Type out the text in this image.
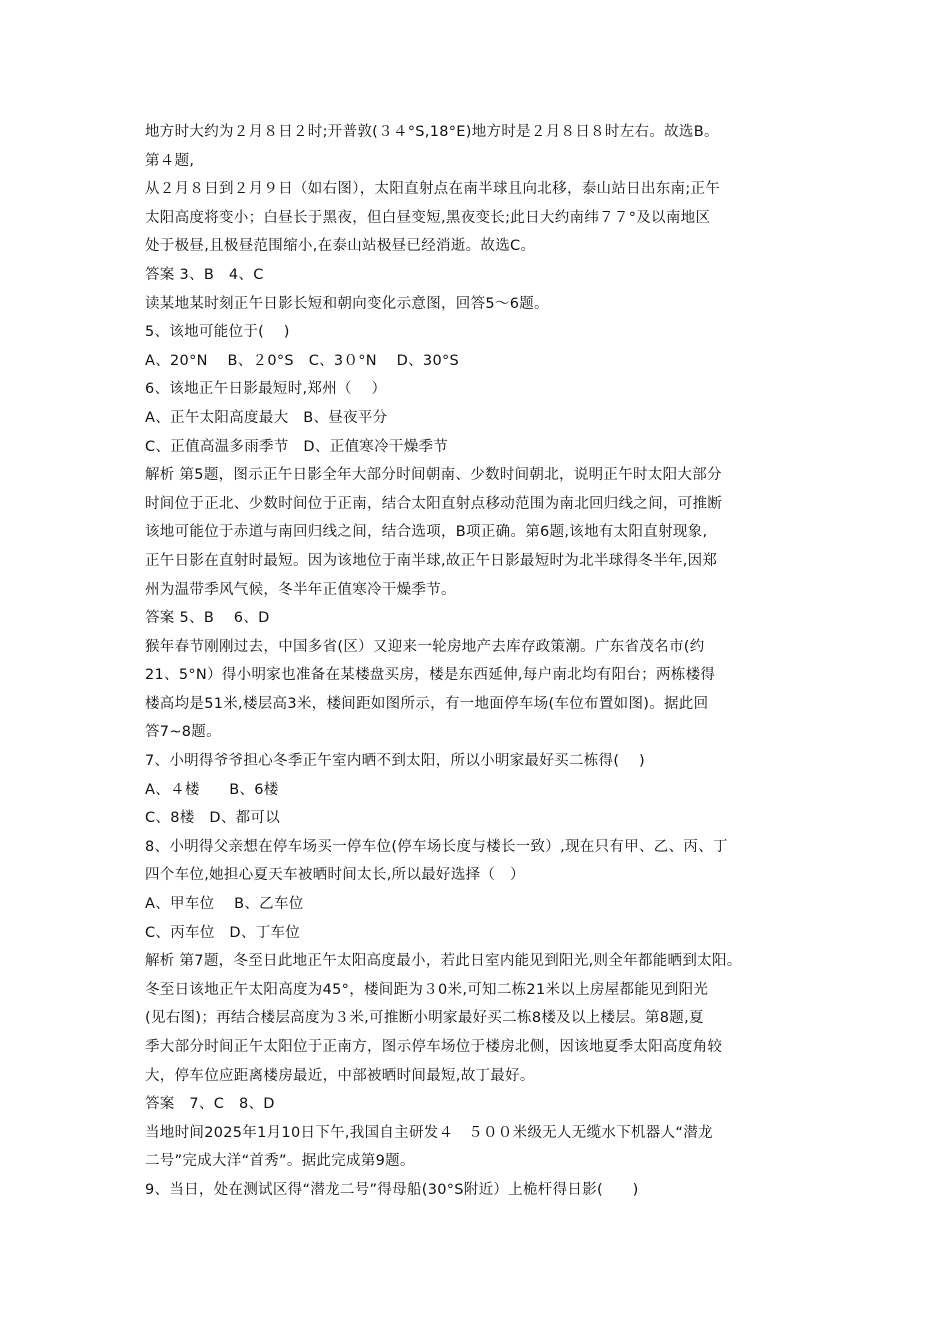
地方时大约为２月８日２时;开普敦(３４°S,18°E)地方时是２月８日８时左右。故选B。
第４题,
从２月８日到２月９日（如右图），太阳直射点在南半球且向北移，泰山站日出东南;正午
太阳高度将变小；白昼长于黑夜，但白昼变短,黑夜变长;此日大约南纬７７°及以南地区
处于极昼,且极昼范围缩小,在泰山站极昼已经消逝。故选C。
答案 3、B　4、C
读某地某时刻正午日影长短和朝向变化示意图，回答5～6题。
5、该地可能位于(　 )
A、20°N　 B、２0°S　C、3０°N　 D、30°S
6、该地正午日影最短时,郑州（　 ）
A、正午太阳高度最大　B、昼夜平分
C、正值高温多雨季节　D、正值寒冷干燥季节
解析 第5题，图示正午日影全年大部分时间朝南、少数时间朝北，说明正午时太阳大部分
时间位于正北、少数时间位于正南，结合太阳直射点移动范围为南北回归线之间，可推断
该地可能位于赤道与南回归线之间，结合选项，B项正确。第6题,该地有太阳直射现象,
正午日影在直射时最短。因为该地位于南半球,故正午日影最短时为北半球得冬半年,因郑
州为温带季风气候，冬半年正值寒冷干燥季节。
答案 5、B　 6、D
猴年春节刚刚过去，中国多省(区）又迎来一轮房地产去库存政策潮。广东省茂名市(约
21、5°N）得小明家也准备在某楼盘买房，楼是东西延伸,每户南北均有阳台；两栋楼得
楼高均是51米,楼层高3米，楼间距如图所示，有一地面停车场(车位布置如图)。据此回
答7~8题。
7、小明得爷爷担心冬季正午室内晒不到太阳，所以小明家最好买二栋得(　 )
A、４楼　　B、6楼
C、8楼　D、都可以
8、小明得父亲想在停车场买一停车位(停车场长度与楼长一致）,现在只有甲、乙、丙、丁
四个车位,她担心夏天车被晒时间太长,所以最好选择（　）
A、甲车位　 B、乙车位
C、丙车位　D、丁车位
解析 第7题，冬至日此地正午太阳高度最小，若此日室内能见到阳光,则全年都能晒到太阳。
冬至日该地正午太阳高度为45°，楼间距为３0米,可知二栋21米以上房屋都能见到阳光
(见右图)；再结合楼层高度为３米,可推断小明家最好买二栋8楼及以上楼层。第8题,夏
季大部分时间正午太阳位于正南方，图示停车场位于楼房北侧，因该地夏季太阳高度角较
大，停车位应距离楼房最近，中部被晒时间最短,故丁最好。
答案　7、C　8、D
当地时间2025年1月10日下午,我国自主研发４　５００米级无人无缆水下机器人“潜龙
二号”完成大洋“首秀”。据此完成第9题。
9、当日，处在测试区得“潜龙二号”得母船(30°S附近）上桅杆得日影(　　)
